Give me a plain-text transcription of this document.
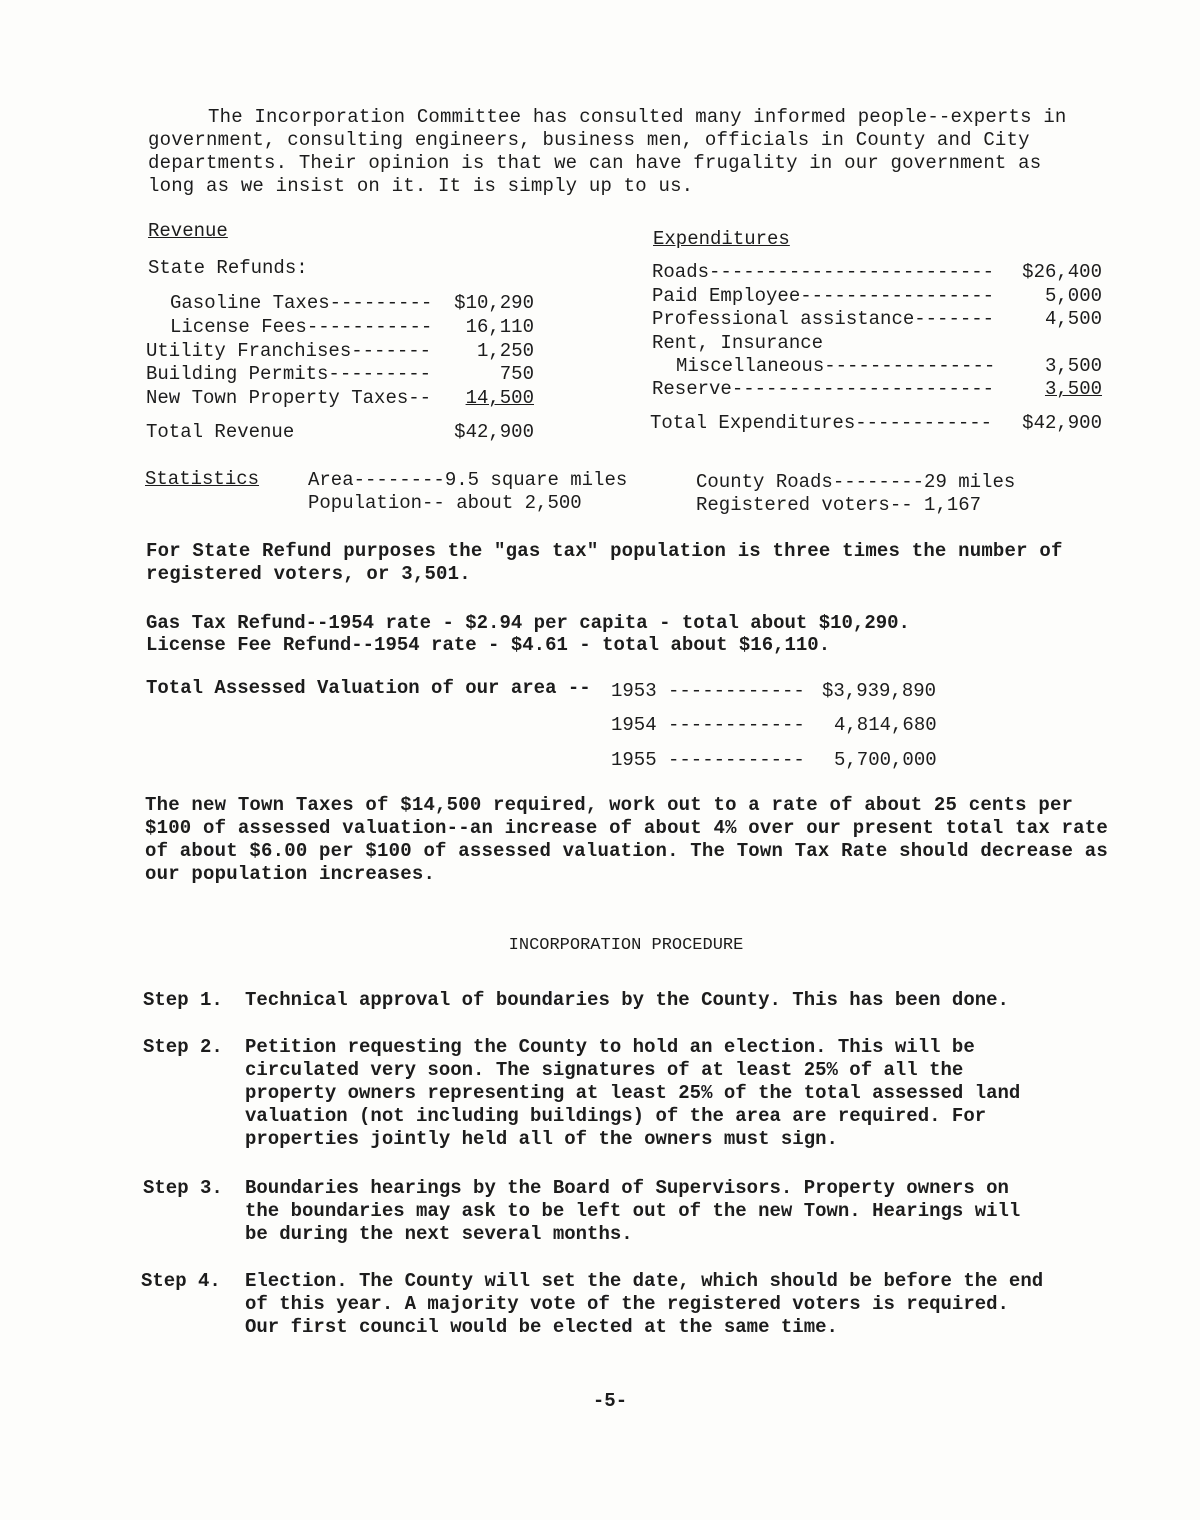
The Incorporation Committee has consulted many informed people--experts in government, consulting engineers, business men, officials in County and City departments. Their opinion is that we can have frugality in our government as long as we insist on it. It is simply up to us.
Revenue
State Refunds:
Gasoline Taxes---------	$10,290
License Fees-----------	16,110
Utility Franchises-------	1,250
Building Permits---------	750
New Town Property Taxes--	14,500
Total Revenue	$42,900
Expenditures
Roads-------------------------	$26,400
Paid Employee-----------------	5,000
Professional assistance-------	4,500
Rent, Insurance
Miscellaneous---------------	3,500
Reserve-----------------------	3,500
Total Expenditures------------	$42,900
Statistics	Area--------9.5 square miles
Population-- about 2,500
County Roads--------29 miles
Registered voters-- 1,167
For State Refund purposes the "gas tax" population is three times the number of registered voters, or 3,501.
Gas Tax Refund--1954 rate - $2.94 per capita - total about $10,290.
License Fee Refund--1954 rate - $4.61 - total about $16,110.
Total Assessed Valuation of our area -- 1953 ------------ $3,939,890
1954 ------------ 4,814,680
1955 ------------ 5,700,000
The new Town Taxes of $14,500 required, work out to a rate of about 25 cents per $100 of assessed valuation--an increase of about 4% over our present total tax rate of about $6.00 per $100 of assessed valuation. The Town Tax Rate should decrease as our population increases.
INCORPORATION PROCEDURE
Step 1. Technical approval of boundaries by the County. This has been done.
Step 2. Petition requesting the County to hold an election. This will be circulated very soon. The signatures of at least 25% of all the property owners representing at least 25% of the total assessed land valuation (not including buildings) of the area are required. For properties jointly held all of the owners must sign.
Step 3. Boundaries hearings by the Board of Supervisors. Property owners on the boundaries may ask to be left out of the new Town. Hearings will be during the next several months.
Step 4. Election. The County will set the date, which should be before the end of this year. A majority vote of the registered voters is required. Our first council would be elected at the same time.
-5-
